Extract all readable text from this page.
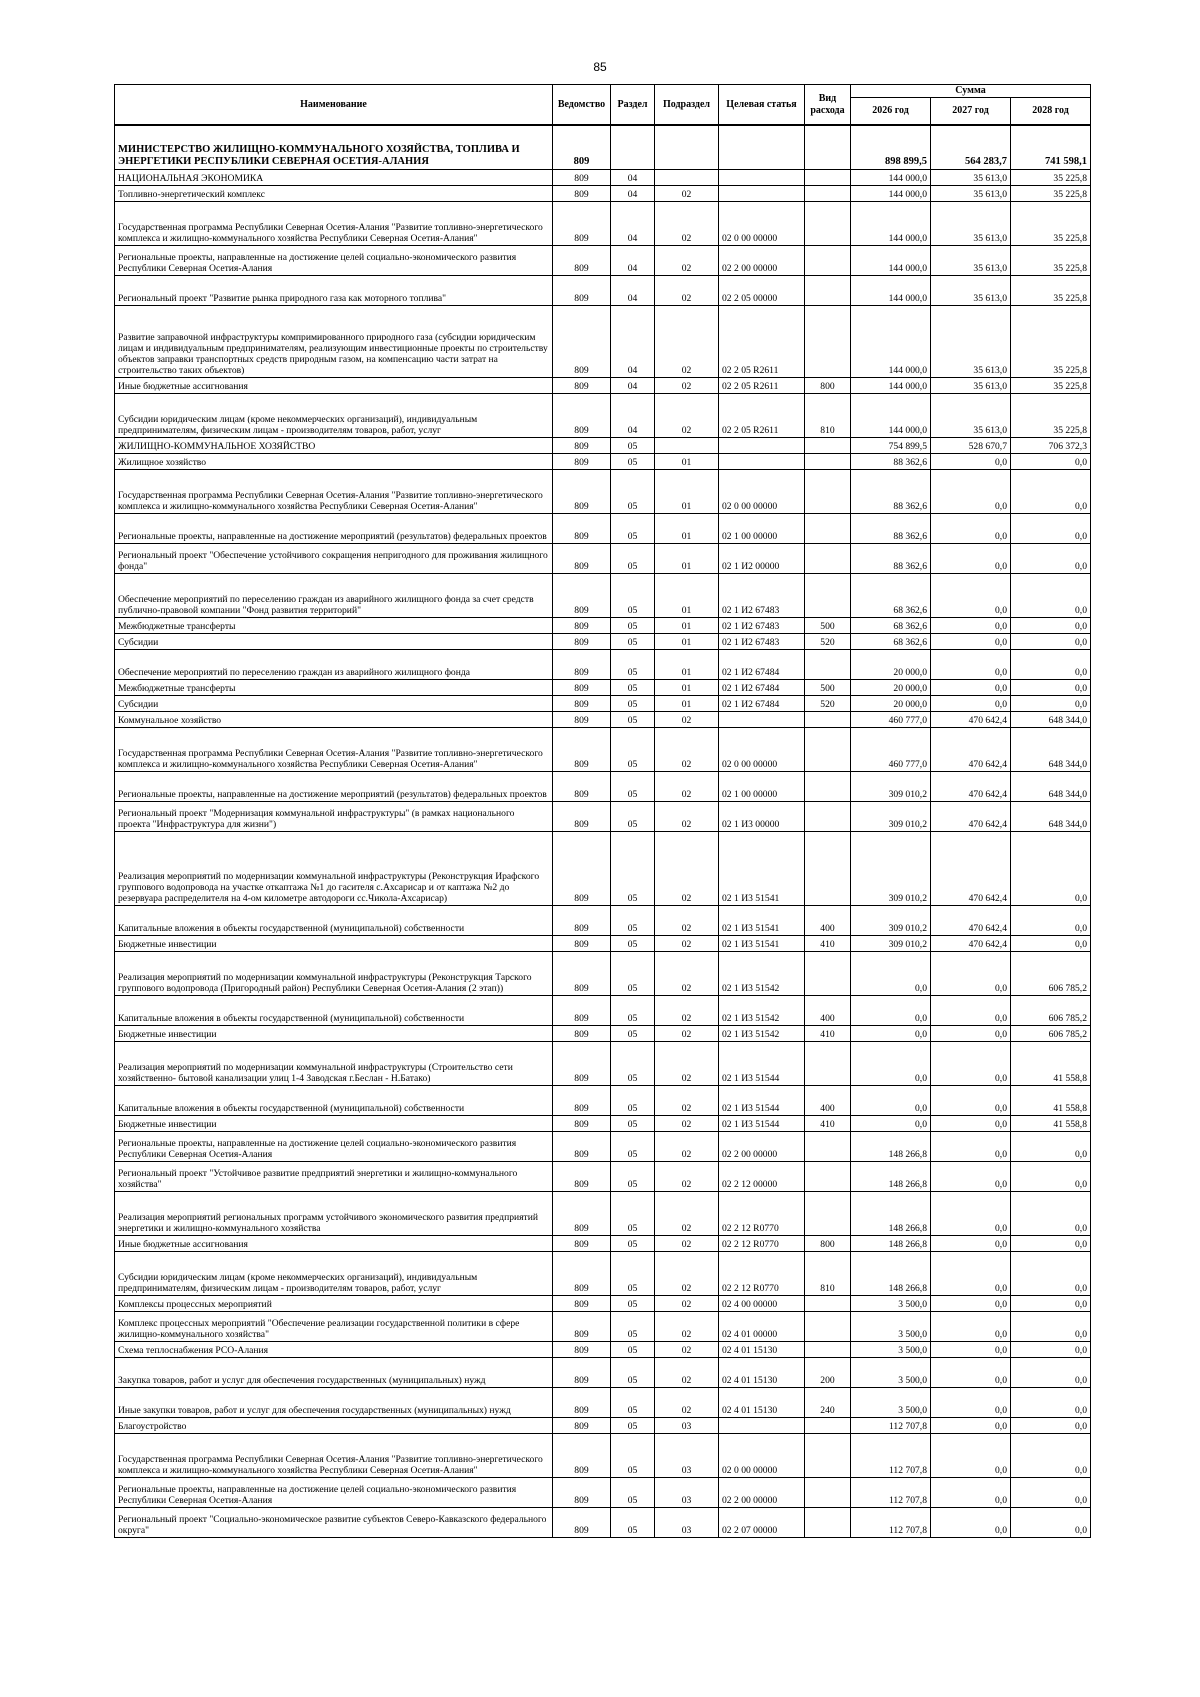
85
Наименование	Ведомство	Раздел	Подраздел	Целевая статья	Вид расхода	Сумма		
						2026 год	2027 год	2028 год
МИНИСТЕРСТВО ЖИЛИЩНО-КОММУНАЛЬНОГО ХОЗЯЙСТВА, ТОПЛИВА И ЭНЕРГЕТИКИ РЕСПУБЛИКИ СЕВЕРНАЯ ОСЕТИЯ-АЛАНИЯ	809					898 899,5	564 283,7	741 598,1
НАЦИОНАЛЬНАЯ ЭКОНОМИКА	809	04				144 000,0	35 613,0	35 225,8
Топливно-энергетический комплекс	809	04	02			144 000,0	35 613,0	35 225,8
Государственная программа Республики Северная Осетия-Алания "Развитие топливно-энергетического комплекса и жилищно-коммунального хозяйства Республики Северная Осетия-Алания"	809	04	02	02 0 00 00000		144 000,0	35 613,0	35 225,8
Региональные проекты, направленные на достижение целей социально-экономического развития Республики Северная Осетия-Алания	809	04	02	02 2 00 00000		144 000,0	35 613,0	35 225,8
Региональный проект "Развитие рынка природного газа как моторного топлива"	809	04	02	02 2 05 00000		144 000,0	35 613,0	35 225,8
Развитие заправочной инфраструктуры компримированного природного газа (субсидии юридическим лицам и индивидуальным предпринимателям, реализующим инвестиционные проекты по строительству объектов заправки транспортных средств природным газом, на компенсацию части затрат на строительство таких объектов)	809	04	02	02 2 05 R2611		144 000,0	35 613,0	35 225,8
Иные бюджетные ассигнования	809	04	02	02 2 05 R2611	800	144 000,0	35 613,0	35 225,8
Субсидии юридическим лицам (кроме некоммерческих организаций), индивидуальным предпринимателям, физическим лицам - производителям товаров, работ, услуг	809	04	02	02 2 05 R2611	810	144 000,0	35 613,0	35 225,8
ЖИЛИЩНО-КОММУНАЛЬНОЕ ХОЗЯЙСТВО	809	05				754 899,5	528 670,7	706 372,3
Жилищное хозяйство	809	05	01			88 362,6	0,0	0,0
Государственная программа Республики Северная Осетия-Алания "Развитие топливно-энергетического комплекса и жилищно-коммунального хозяйства Республики Северная Осетия-Алания"	809	05	01	02 0 00 00000		88 362,6	0,0	0,0
Региональные проекты, направленные на достижение мероприятий (результатов) федеральных проектов	809	05	01	02 1 00 00000		88 362,6	0,0	0,0
Региональный проект "Обеспечение устойчивого сокращения непригодного для проживания жилищного фонда"	809	05	01	02 1 И2 00000		88 362,6	0,0	0,0
Обеспечение мероприятий по переселению граждан из аварийного жилищного фонда за счет средств публично-правовой компании "Фонд развития территорий"	809	05	01	02 1 И2 67483		68 362,6	0,0	0,0
Межбюджетные трансферты	809	05	01	02 1 И2 67483	500	68 362,6	0,0	0,0
Субсидии	809	05	01	02 1 И2 67483	520	68 362,6	0,0	0,0
Обеспечение мероприятий по переселению граждан из аварийного жилищного фонда	809	05	01	02 1 И2 67484		20 000,0	0,0	0,0
Межбюджетные трансферты	809	05	01	02 1 И2 67484	500	20 000,0	0,0	0,0
Субсидии	809	05	01	02 1 И2 67484	520	20 000,0	0,0	0,0
Коммунальное хозяйство	809	05	02			460 777,0	470 642,4	648 344,0
Государственная программа Республики Северная Осетия-Алания "Развитие топливно-энергетического комплекса и жилищно-коммунального хозяйства Республики Северная Осетия-Алания"	809	05	02	02 0 00 00000		460 777,0	470 642,4	648 344,0
Региональные проекты, направленные на достижение мероприятий (результатов) федеральных проектов	809	05	02	02 1 00 00000		309 010,2	470 642,4	648 344,0
Региональный проект "Модернизация коммунальной инфраструктуры" (в рамках национального проекта "Инфраструктура для жизни")	809	05	02	02 1 И3 00000		309 010,2	470 642,4	648 344,0
Реализация мероприятий по модернизации коммунальной инфраструктуры (Реконструкция Ирафского группового водопровода на участке откаптажа №1 до гасителя с.Ахсарисар и от каптажа №2 до резервуара распределителя на 4-ом километре автодороги сс.Чикола-Ахсарисар)	809	05	02	02 1 И3 51541		309 010,2	470 642,4	0,0
Капитальные вложения в объекты государственной (муниципальной) собственности	809	05	02	02 1 И3 51541	400	309 010,2	470 642,4	0,0
Бюджетные инвестиции	809	05	02	02 1 И3 51541	410	309 010,2	470 642,4	0,0
Реализация мероприятий по модернизации коммунальной инфраструктуры (Реконструкция Тарского группового водопровода (Пригородный район) Республики Северная Осетия-Алания (2 этап))	809	05	02	02 1 И3 51542		0,0	0,0	606 785,2
Капитальные вложения в объекты государственной (муниципальной) собственности	809	05	02	02 1 И3 51542	400	0,0	0,0	606 785,2
Бюджетные инвестиции	809	05	02	02 1 И3 51542	410	0,0	0,0	606 785,2
Реализация мероприятий по модернизации коммунальной инфраструктуры (Строительство сети хозяйственно- бытовой канализации улиц 1-4 Заводская г.Беслан - Н.Батако)	809	05	02	02 1 И3 51544		0,0	0,0	41 558,8
Капитальные вложения в объекты государственной (муниципальной) собственности	809	05	02	02 1 И3 51544	400	0,0	0,0	41 558,8
Бюджетные инвестиции	809	05	02	02 1 И3 51544	410	0,0	0,0	41 558,8
Региональные проекты, направленные на достижение целей социально-экономического развития Республики Северная Осетия-Алания	809	05	02	02 2 00 00000		148 266,8	0,0	0,0
Региональный проект "Устойчивое развитие предприятий энергетики и жилищно-коммунального хозяйства"	809	05	02	02 2 12 00000		148 266,8	0,0	0,0
Реализация мероприятий региональных программ устойчивого экономического развития предприятий энергетики и жилищно-коммунального хозяйства	809	05	02	02 2 12 R0770		148 266,8	0,0	0,0
Иные бюджетные ассигнования	809	05	02	02 2 12 R0770	800	148 266,8	0,0	0,0
Субсидии юридическим лицам (кроме некоммерческих организаций), индивидуальным предпринимателям, физическим лицам - производителям товаров, работ, услуг	809	05	02	02 2 12 R0770	810	148 266,8	0,0	0,0
Комплексы процессных мероприятий	809	05	02	02 4 00 00000		3 500,0	0,0	0,0
Комплекс процессных мероприятий "Обеспечение реализации государственной политики в сфере жилищно-коммунального хозяйства"	809	05	02	02 4 01 00000		3 500,0	0,0	0,0
Схема теплоснабжения РСО-Алания	809	05	02	02 4 01 15130		3 500,0	0,0	0,0
Закупка товаров, работ и услуг для обеспечения государственных (муниципальных) нужд	809	05	02	02 4 01 15130	200	3 500,0	0,0	0,0
Иные закупки товаров, работ и услуг для обеспечения государственных (муниципальных) нужд	809	05	02	02 4 01 15130	240	3 500,0	0,0	0,0
Благоустройство	809	05	03			112 707,8	0,0	0,0
Государственная программа Республики Северная Осетия-Алания "Развитие топливно-энергетического комплекса и жилищно-коммунального хозяйства Республики Северная Осетия-Алания"	809	05	03	02 0 00 00000		112 707,8	0,0	0,0
Региональные проекты, направленные на достижение целей социально-экономического развития Республики Северная Осетия-Алания	809	05	03	02 2 00 00000		112 707,8	0,0	0,0
Региональный проект "Социально-экономическое развитие субъектов Северо-Кавказского федерального округа"	809	05	03	02 2 07 00000		112 707,8	0,0	0,0
